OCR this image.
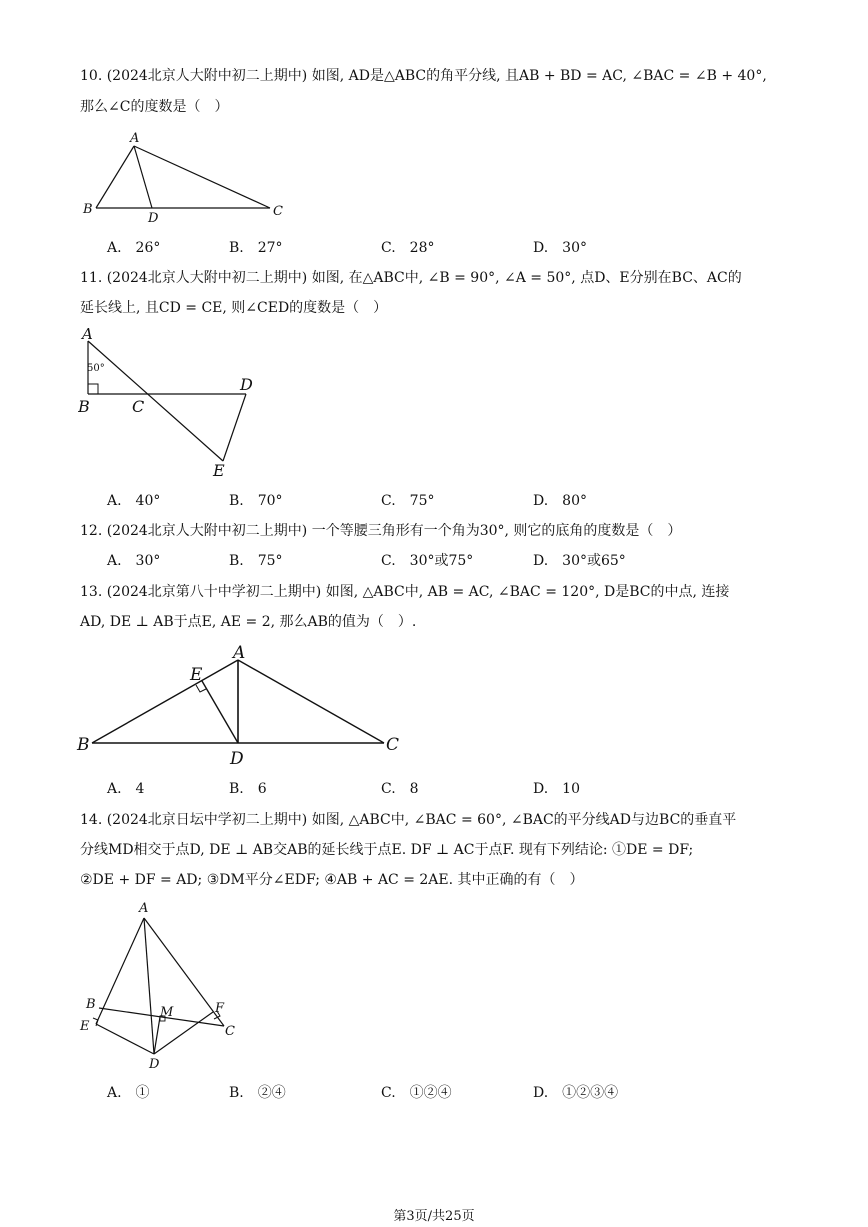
10. (2024北京人大附中初二上期中) 如图, AD是△ABC的角平分线, 且AB + BD = AC, ∠BAC = ∠B + 40°,
那么∠C的度数是（　）
A
B
D	C
A.　26°	B.　27°	C.　28°	D.　30°
11. (2024北京人大附中初二上期中) 如图, 在△ABC中, ∠B = 90°, ∠A = 50°, 点D、E分别在BC、AC的
延长线上, 且CD = CE, 则∠CED的度数是（　）
A
50°
B	C
D
E
A.　40°	B.　70°	C.　75°	D.　80°
12. (2024北京人大附中初二上期中) 一个等腰三角形有一个角为30°, 则它的底角的度数是（　）
A.　30°	B.　75°	C.　30°或75°	D.　30°或65°
13. (2024北京第八十中学初二上期中) 如图, △ABC中, AB = AC, ∠BAC = 120°, D是BC的中点, 连接
AD, DE ⊥ AB于点E, AE = 2, 那么AB的值为（　）.
A
E
B
D
C
A.　4	B.　6	C.　8	D.　10
14. (2024北京日坛中学初二上期中) 如图, △ABC中, ∠BAC = 60°, ∠BAC的平分线AD与边BC的垂直平
分线MD相交于点D, DE ⊥ AB交AB的延长线于点E. DF ⊥ AC于点F. 现有下列结论: ①DE = DF;
②DE + DF = AD; ③DM平分∠EDF; ④AB + AC = 2AE. 其中正确的有（　）
A
B
E
M	F
C
D
A.　①	B.　②④	C.　①②④	D.　①②③④
第3页/共25页
